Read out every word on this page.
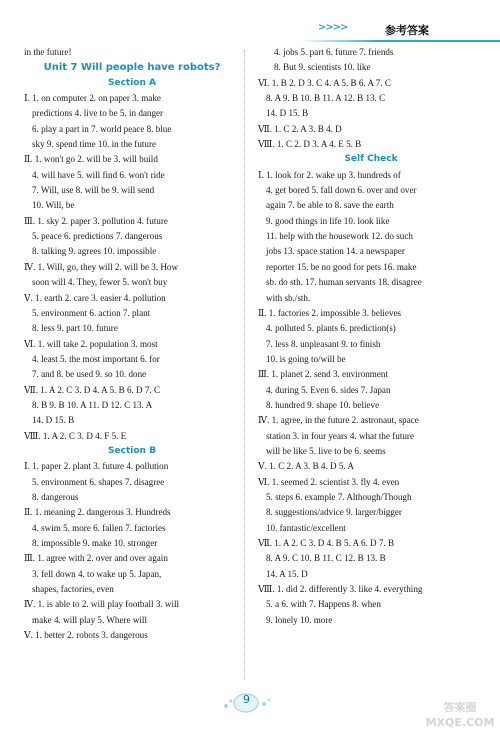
>>>>	参考答案
in the future!
Unit 7 Will people have robots?
Section A
Ⅰ. 1. on computer 2. on paper 3. make
predictions 4. live to be 5. in danger
6. play a part in 7. world peace 8. blue
sky 9. spend time 10. in the future
Ⅱ. 1. won't go 2. will be 3. will build
4. will have 5. will find 6. won't ride
7. Will, use 8. will be 9. will send
10. Will, be
Ⅲ. 1. sky 2. paper 3. pollution 4. future
5. peace 6. predictions 7. dangerous
8. talking 9. agrees 10. impossible
Ⅳ. 1. Will, go, they will 2. will be 3. How
soon will 4. They, fewer 5. won't buy
Ⅴ. 1. earth 2. care 3. easier 4. pollution
5. environment 6. action 7. plant
8. less 9. part 10. future
Ⅵ. 1. will take 2. population 3. most
4. least 5. the most important 6. for
7. and 8. be used 9. so 10. done
Ⅶ. 1. A 2. C 3. D 4. A 5. B 6. D 7. C
8. B 9. B 10. A 11. D 12. C 13. A
14. D 15. B
Ⅷ. 1. A 2. C 3. D 4. F 5. E
Section B
Ⅰ. 1. paper 2. plant 3. future 4. pollution
5. environment 6. shapes 7. disagree
8. dangerous
Ⅱ. 1. meaning 2. dangerous 3. Hundreds
4. swim 5. more 6. fallen 7. factories
8. impossible 9. make 10. stronger
Ⅲ. 1. agree with 2. over and over again
3. fell down 4. to wake up 5. Japan,
shapes, factories, even
Ⅳ. 1. is able to 2. will play football 3. will
make 4. will play 5. Where will
Ⅴ. 1. better 2. robots 3. dangerous
4. jobs 5. part 6. future 7. friends
8. But 9. scientists 10. like
Ⅵ. 1. B 2. D 3. C 4. A 5. B 6. A 7. C
8. A 9. B 10. B 11. A 12. B 13. C
14. D 15. B
Ⅶ. 1. C 2. A 3. B 4. D
Ⅷ. 1. C 2. D 3. A 4. E 5. B
Self Check
Ⅰ. 1. look for 2. wake up 3. hundreds of
4. get bored 5. fall down 6. over and over
again 7. be able to 8. save the earth
9. good things in life 10. look like
11. help with the housework 12. do such
jobs 13. space station 14. a newspaper
reporter 15. be no good for pets 16. make
sb. do sth. 17. human servants 18. disagree
with sb./sth.
Ⅱ. 1. factories 2. impossible 3. believes
4. polluted 5. plants 6. prediction(s)
7. less 8. unpleasant 9. to finish
10. is going to/will be
Ⅲ. 1. planet 2. send 3. environment
4. during 5. Even 6. sides 7. Japan
8. hundred 9. shape 10. believe
Ⅳ. 1. agree, in the future 2. astronaut, space
station 3. in four years 4. what the future
will be like 5. live to be 6. seems
Ⅴ. 1. C 2. A 3. B 4. D 5. A
Ⅵ. 1. seemed 2. scientist 3. fly 4. even
5. steps 6. example 7. Although/Though
8. suggestions/advice 9. larger/bigger
10. fantastic/excellent
Ⅶ. 1. A 2. C 3. D 4. B 5. A 6. D 7. B
8. A 9. C 10. B 11. C 12. B 13. B
14. A 15. D
Ⅷ. 1. did 2. differently 3. like 4. everything
5. a 6. with 7. Happens 8. when
9. lonely 10. more
9
答案圈
MXQE.COM
